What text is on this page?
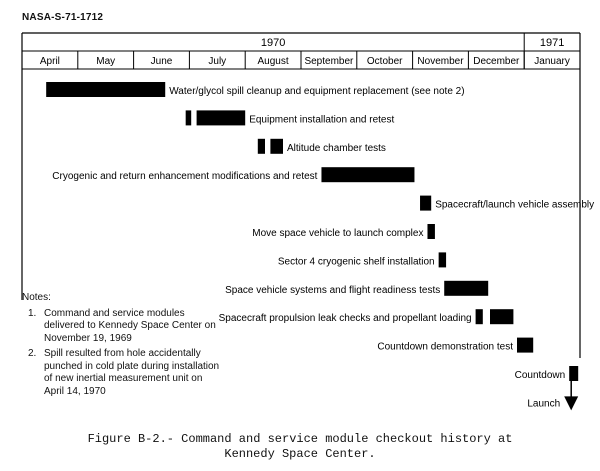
NASA-S-71-1712
1970	1971
April	May	June	July	August September October November December January
Water/glycol spill cleanup and equipment replacement (see note 2)
Equipment installation and retest
Altitude chamber tests
Cryogenic and return enhancement modifications and retest
Spacecraft/launch vehicle assembly
Move space vehicle to launch complex
Sector 4 cryogenic shelf installation
Space vehicle systems and flight readiness tests
Spacecraft propulsion leak checks and propellant loading
Countdown demonstration test
Countdown
Launch
Notes:
1. Command and service modules delivered to Kennedy Space Center on November 19, 1969
2. Spill resulted from hole accidentally punched in cold plate during installation of new inertial measurement unit on April 14, 1970
Figure B-2.- Command and service module checkout history at
Kennedy Space Center.
